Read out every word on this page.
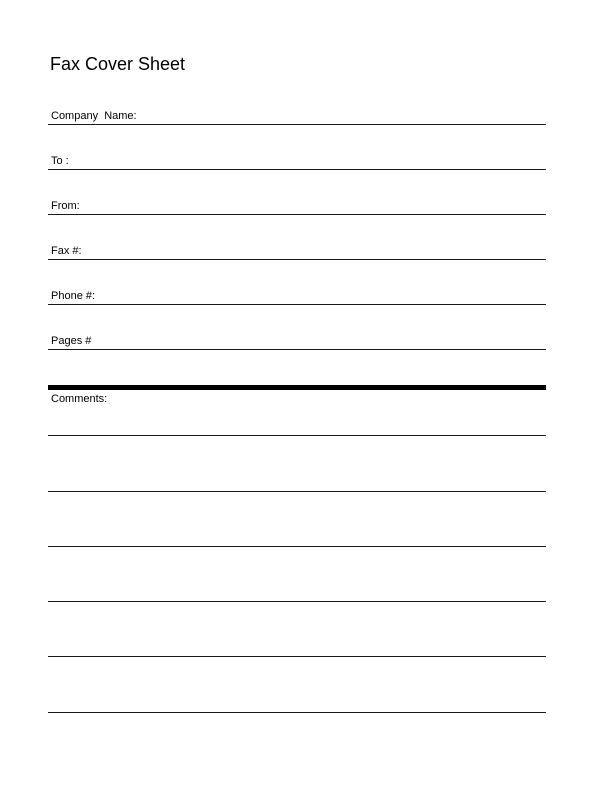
Fax Cover Sheet
Company  Name:
To :
From:
Fax #:
Phone #:
Pages #
Comments:
